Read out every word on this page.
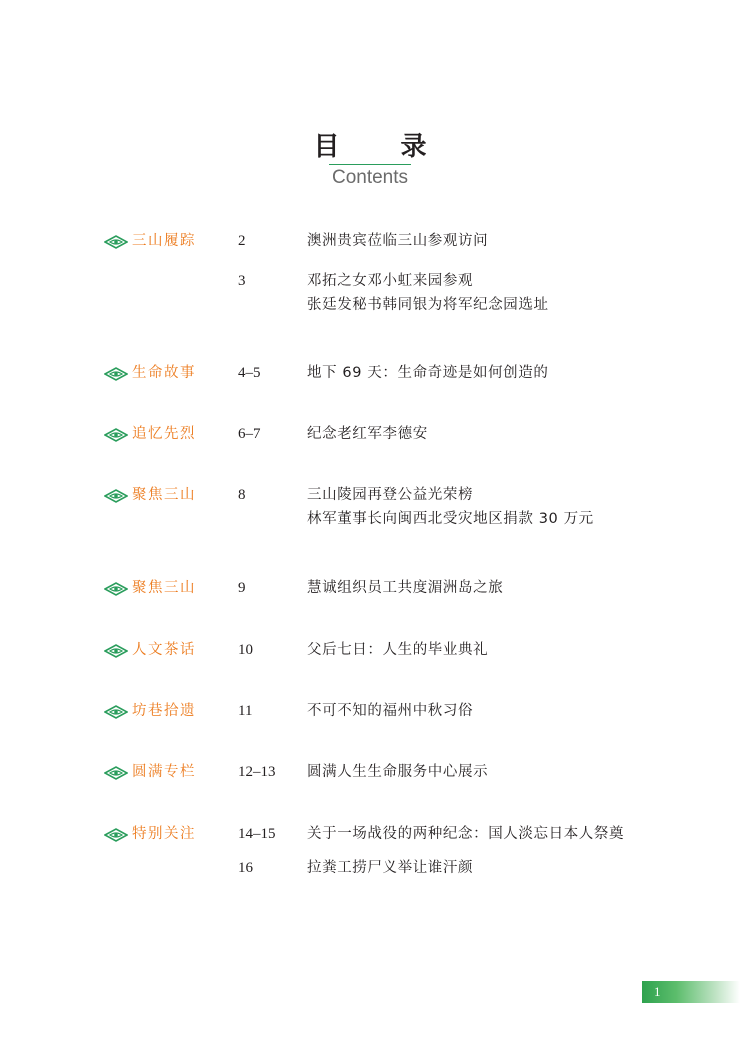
目 录
Contents
三山履踪	2	澳洲贵宾莅临三山参观访问
3	邓拓之女邓小虹来园参观
张廷发秘书韩同银为将军纪念园选址
生命故事	4–5	地下 69 天：生命奇迹是如何创造的
追忆先烈	6–7	纪念老红军李德安
聚焦三山	8	三山陵园再登公益光荣榜
林军董事长向闽西北受灾地区捐款 30 万元
聚焦三山	9	慧诚组织员工共度湄洲岛之旅
人文茶话	10	父后七日：人生的毕业典礼
坊巷拾遗	11	不可不知的福州中秋习俗
圆满专栏	12–13 圆满人生生命服务中心展示
特别关注	14–15 关于一场战役的两种纪念：国人淡忘日本人祭奠
16	拉粪工捞尸义举让谁汗颜
1
